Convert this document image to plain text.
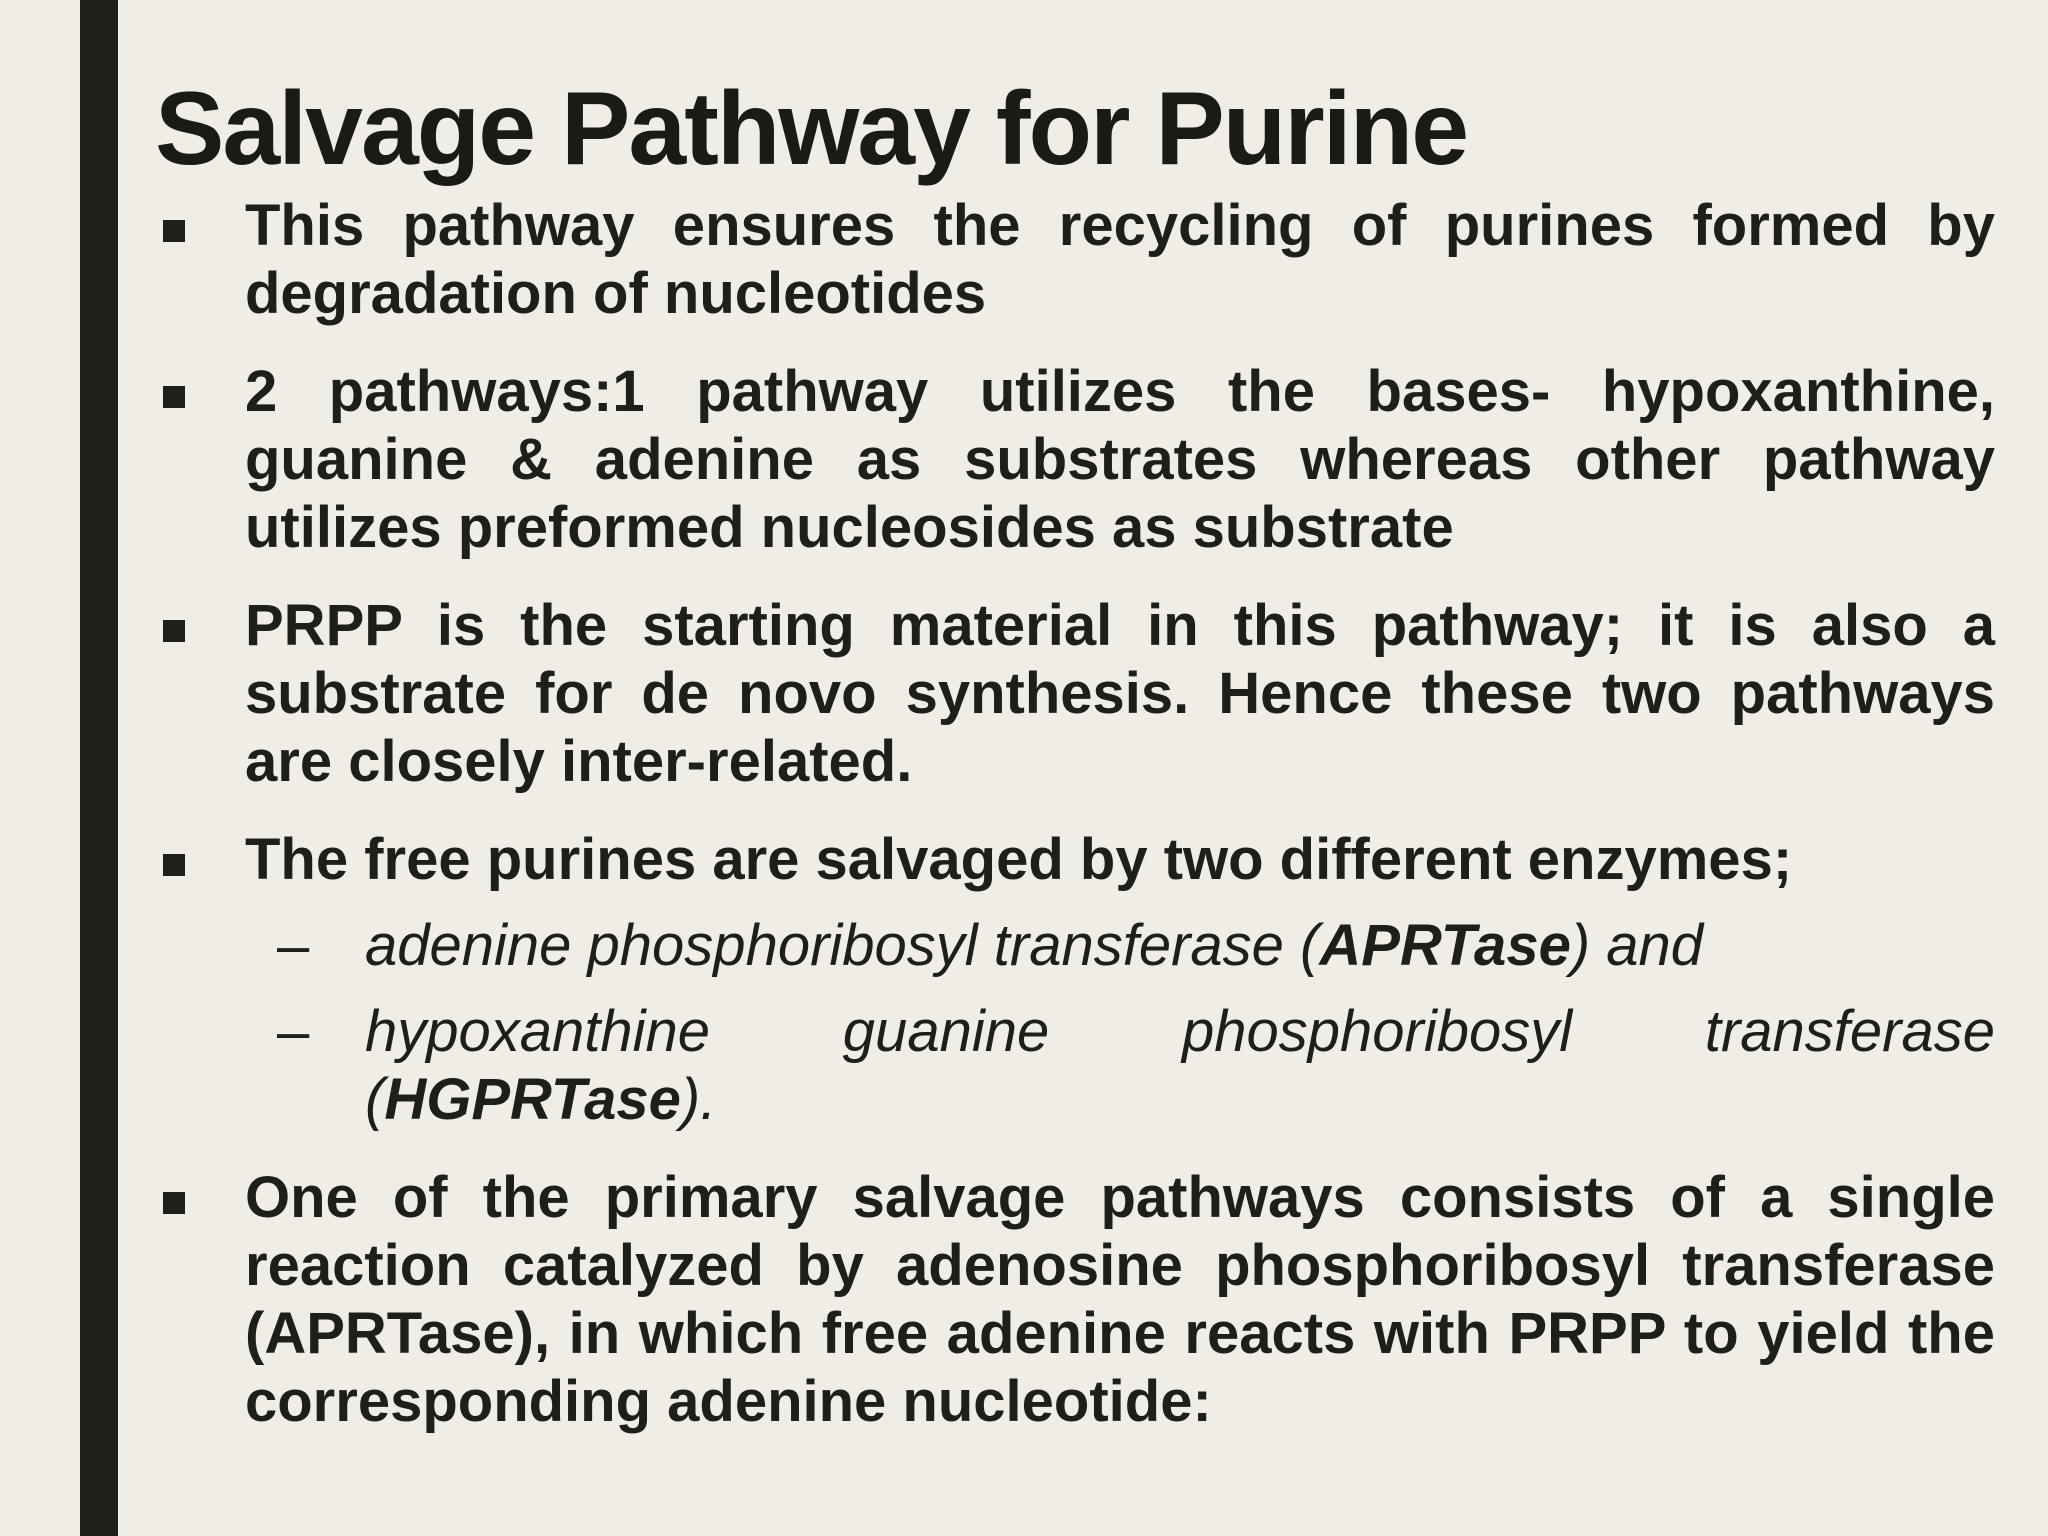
Salvage Pathway for Purine
This pathway ensures the recycling of purines formed by degradation of nucleotides
2 pathways:1 pathway utilizes the bases- hypoxanthine, guanine & adenine as substrates whereas other pathway utilizes preformed nucleosides as substrate
PRPP is the starting material in this pathway; it is also a substrate for de novo synthesis. Hence these two pathways are closely inter-related.
The free purines are salvaged by two different enzymes;
– adenine phosphoribosyl transferase (APRTase) and
– hypoxanthine guanine phosphoribosyl transferase (HGPRTase).
One of the primary salvage pathways consists of a single reaction catalyzed by adenosine phosphoribosyl transferase (APRTase), in which free adenine reacts with PRPP to yield the corresponding adenine nucleotide:
